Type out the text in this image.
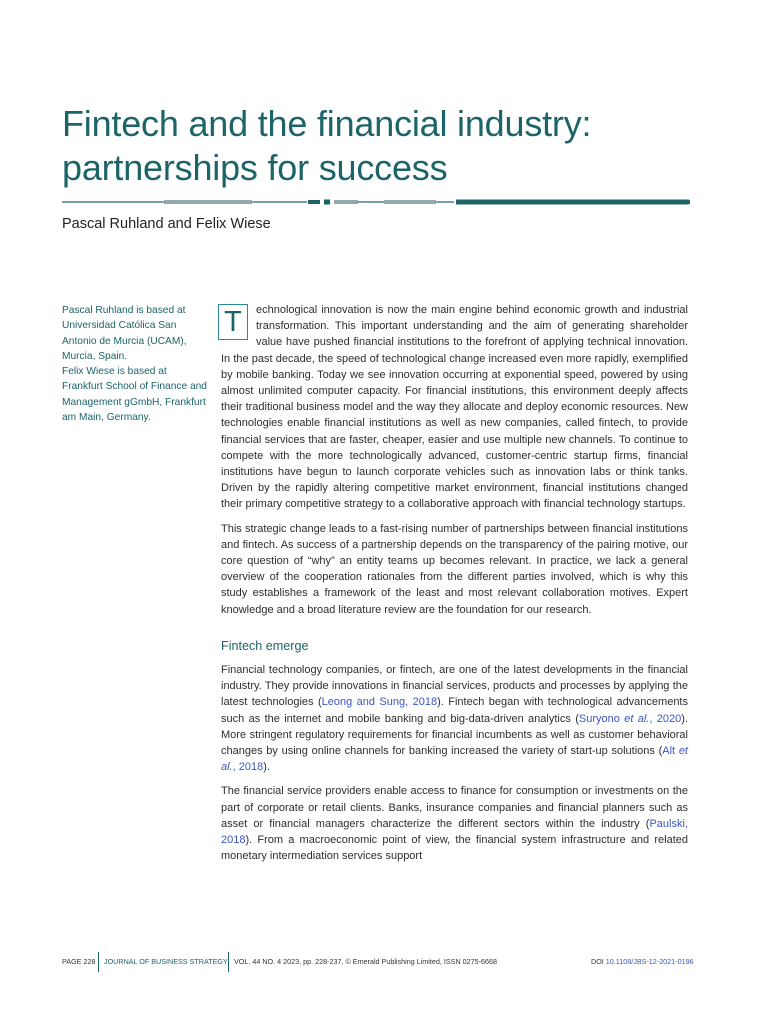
Fintech and the financial industry:
partnerships for success
Pascal Ruhland and Felix Wiese

Pascal Ruhland is based at Universidad Católica San Antonio de Murcia (UCAM), Murcia, Spain.

Felix Wiese is based at Frankfurt School of Finance and Management gGmbH, Frankfurt am Main, Germany.

T	echnological innovation is now the main engine behind economic growth and industrial transformation. This important understanding and the aim of generating shareholder value have pushed financial institutions to the forefront of applying technical innovation. In the past decade, the speed of technological change increased even more rapidly, exemplified by mobile banking. Today we see innovation occurring at exponential speed, powered by using almost unlimited computer capacity. For financial institutions, this environment deeply affects their traditional business model and the way they allocate and deploy economic resources. New technologies enable financial institutions as well as new companies, called fintech, to provide financial services that are faster, cheaper, easier and use multiple new channels. To continue to compete with the more technologically advanced, customer-centric startup firms, financial institutions have begun to launch corporate vehicles such as innovation labs or think tanks. Driven by the rapidly altering competitive market environment, financial institutions changed their primary competitive strategy to a collaborative approach with financial technology startups.

This strategic change leads to a fast-rising number of partnerships between financial institutions and fintech. As success of a partnership depends on the transparency of the pairing motive, our core question of “why” an entity teams up becomes relevant. In practice, we lack a general overview of the cooperation rationales from the different parties involved, which is why this study establishes a framework of the least and most relevant collaboration motives. Expert knowledge and a broad literature review are the foundation for our research.

Fintech emerge

Financial technology companies, or fintech, are one of the latest developments in the financial industry. They provide innovations in financial services, products and processes by applying the latest technologies (Leong and Sung, 2018). Fintech began with technological advancements such as the internet and mobile banking and big-data-driven analytics (Suryono et al., 2020). More stringent regulatory requirements for financial incumbents as well as customer behavioral changes by using online channels for banking increased the variety of start-up solutions (Alt et al., 2018).

The financial service providers enable access to finance for consumption or investments on the part of corporate or retail clients. Banks, insurance companies and financial planners such as asset or financial managers characterize the different sectors within the industry (Paulski, 2018). From a macroeconomic point of view, the financial system infrastructure and related monetary intermediation services support

PAGE 228 JOURNAL OF BUSINESS STRATEGY VOL. 44 NO. 4 2023, pp. 228-237, © Emerald Publishing Limited, ISSN 0275-6668	DOI 10.1108/JBS-12-2021-0196
